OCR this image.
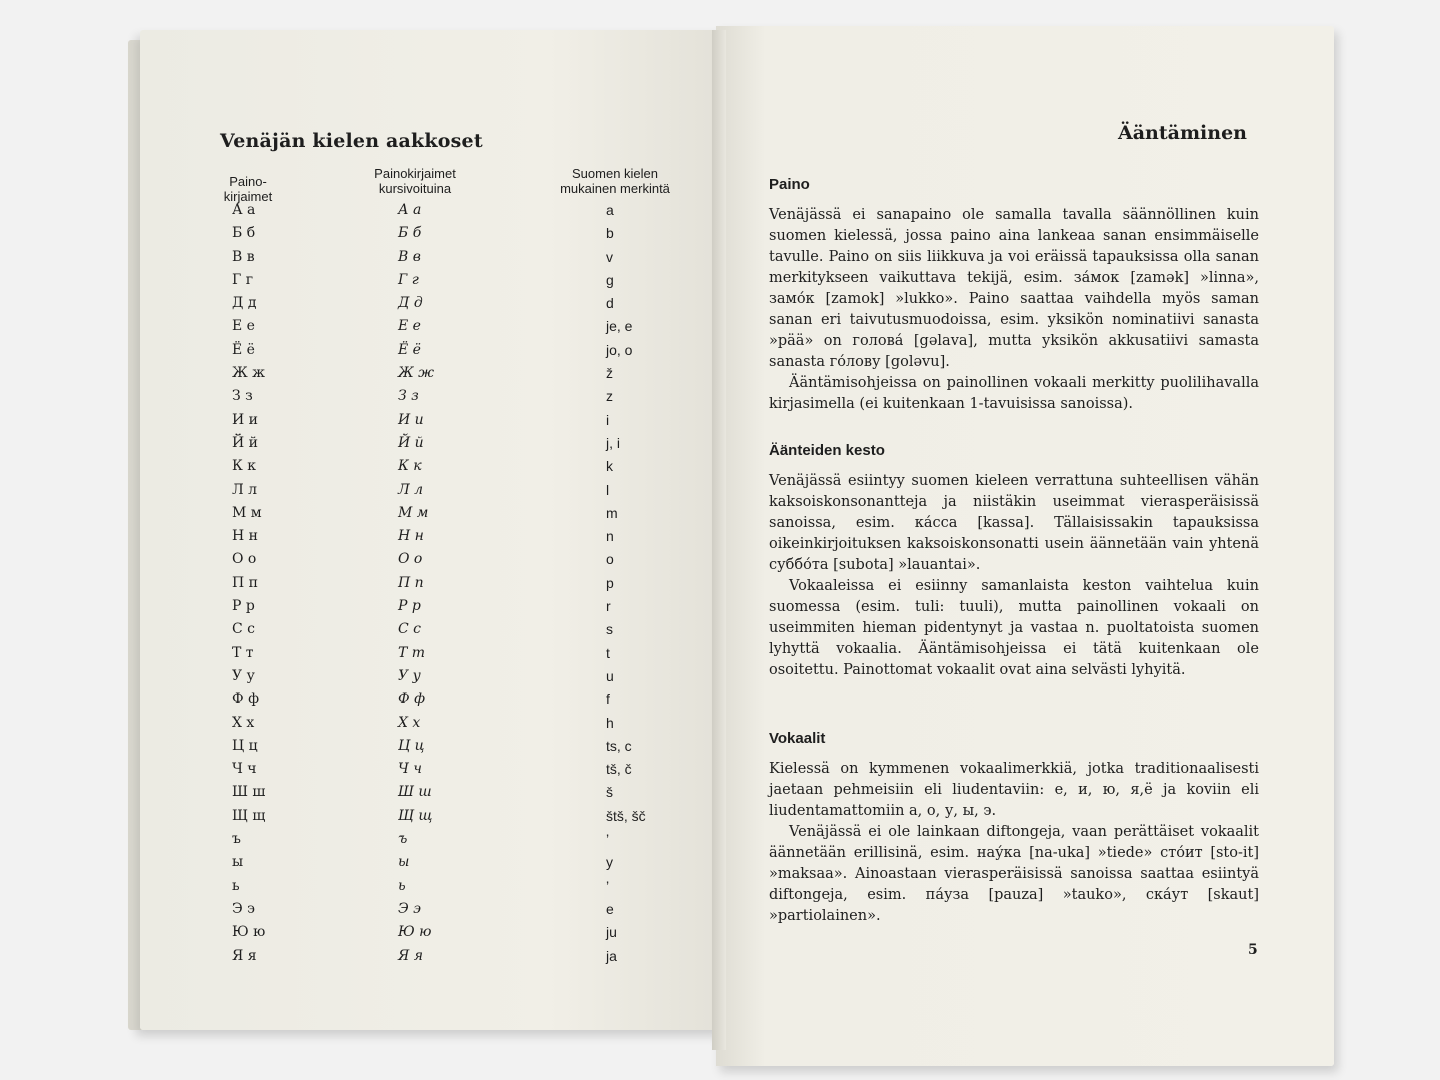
Venäjän kielen aakkoset
Paino-
kirjaimet
Painokirjaimet
kursivoituina
Suomen kielen
mukainen merkintä
А а	А а	a
Б б	Б б	b
В в	В в	v
Г г	Г г	g
Д д	Д д	d
Е е	Е е	je, e
Ё ё	Ё ё	jo, o
Ж ж	Ж ж	ž
З з	З з	z
И и	И и	i
Й й	Й й	j, i
К к	К к	k
Л л	Л л	l
М м	М м	m
Н н	Н н	n
О о	О о	o
П п	П п	p
Р р	Р р	r
С с	С с	s
Т т	Т т	t
У у	У у	u
Ф ф	Ф ф	f
Х х	Х х	h
Ц ц	Ц ц	ts, c
Ч ч	Ч ч	tš, č
Ш ш	Ш ш	š
Щ щ	Щ щ	štš, šč
ъ	ъ	’
ы	ы	y
ь	ь	’
Э э	Э э	e
Ю ю	Ю ю	ju
Я я	Я я	ja
Ääntäminen
Paino

Venäjässä ei sanapaino ole samalla tavalla säännöllinen kuin suomen kielessä, jossa paino aina lankeaa sanan ensimmäiselle tavulle. Paino on siis liikkuva ja voi eräissä tapauksissa olla sanan merkitykseen vaikuttava tekijä, esim. за́мок [zamək] »linna», замо́к [zamok] »lukko». Paino saattaa vaihdella myös saman sanan eri taivutusmuodoissa, esim. yksikön nominatiivi sanasta »pää» on голова́ [gəlava], mutta yksikön akkusatiivi samasta sanasta го́лову [goləvu].

Ääntämisohjeissa on painollinen vokaali merkitty puolilihavalla kirjasimella (ei kuitenkaan 1-tavuisissa sanoissa).

Äänteiden kesto

Venäjässä esiintyy suomen kieleen verrattuna suhteellisen vähän kaksoiskonsonantteja ja niistäkin useimmat vierasperäisissä sanoissa, esim. ка́сса [kassa]. Tällaisissakin tapauksissa oikeinkirjoituksen kaksoiskonsonatti usein äännetään vain yhtenä суббо́та [subota] »lauantai».

Vokaaleissa ei esiinny samanlaista keston vaihtelua kuin suomessa (esim. tuli: tuuli), mutta painollinen vokaali on useimmiten hieman pidentynyt ja vastaa n. puoltatoista suomen lyhyttä vokaalia. Ääntämisohjeissa ei tätä kuitenkaan ole osoitettu. Painottomat vokaalit ovat aina selvästi lyhyitä.

Vokaalit

Kielessä on kymmenen vokaalimerkkiä, jotka traditionaalisesti jaetaan pehmeisiin eli liudentaviin: е, и, ю, я,ё ja koviin eli liudentamattomiin а, о, у, ы, э.

Venäjässä ei ole lainkaan diftongeja, vaan perättäiset vokaalit äännetään erillisinä, esim. нау́ка [na-uka] »tiede» сто́ит [sto-it] »maksaa». Ainoastaan vierasperäisissä sanoissa saattaa esiintyä diftongeja, esim. па́уза [pauza] »tauko», ска́ут [skaut] »partiolainen».

5
